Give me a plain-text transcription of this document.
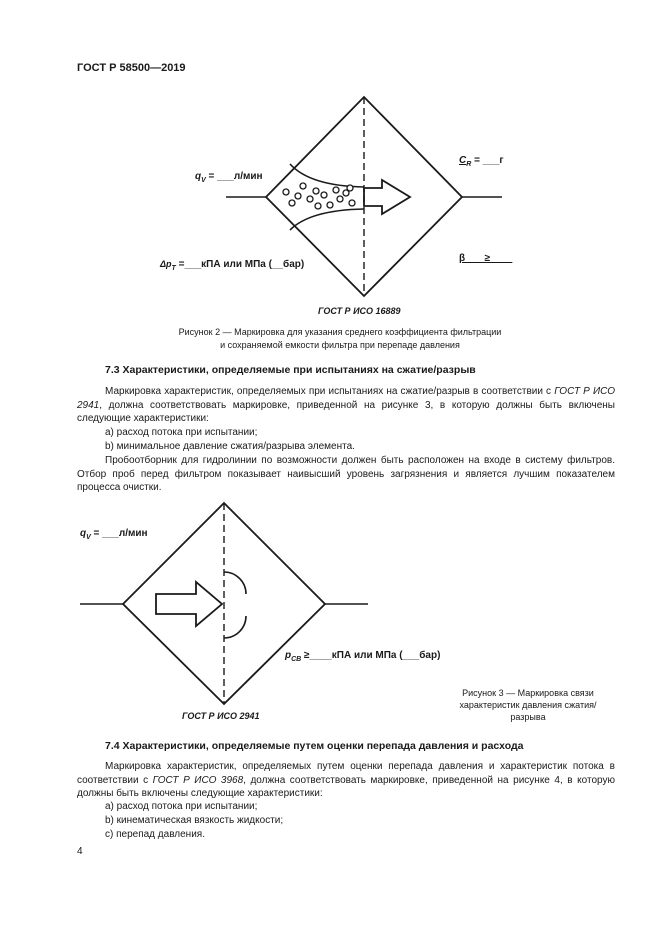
ГОСТ Р 58500—2019
$q_V$ = ___л/мин
$C_R$ = ___г
$\Delta p_T$ =___кПА или МПа (__бар)
β ___≥____
ГОСТ Р ИСО 16889
Рисунок 2 — Маркировка для указания среднего коэффициента фильтрации
и сохраняемой емкости фильтра при перепаде давления
7.3 Характеристики, определяемые при испытаниях на сжатие/разрыв
Маркировка характеристик, определяемых при испытаниях на сжатие/разрыв в соответствии с ГОСТ Р ИСО 2941, должна соответствовать маркировке, приведенной на рисунке 3, в которую должны быть включены следующие характеристики:
а) расход потока при испытании;
b) минимальное давление сжатия/разрыва элемента.
Пробоотборник для гидролинии по возможности должен быть расположен на входе в систему фильтров. Отбор проб перед фильтром показывает наивысший уровень загрязнения и является лучшим показателем процесса очистки.
$q_V$ = ___л/мин
$p_{CB}$ ≥____кПА или МПа (___бар)
ГОСТ Р ИСО 2941
Рисунок 3 — Маркировка связи характеристик давления сжатия/разрыва
7.4 Характеристики, определяемые путем оценки перепада давления и расхода
Маркировка характеристик, определяемых путем оценки перепада давления и характеристик потока в соответствии с ГОСТ Р ИСО 3968, должна соответствовать маркировке, приведенной на рисунке 4, в которую должны быть включены следующие характеристики:
а) расход потока при испытании;
b) кинематическая вязкость жидкости;
c) перепад давления.
4
